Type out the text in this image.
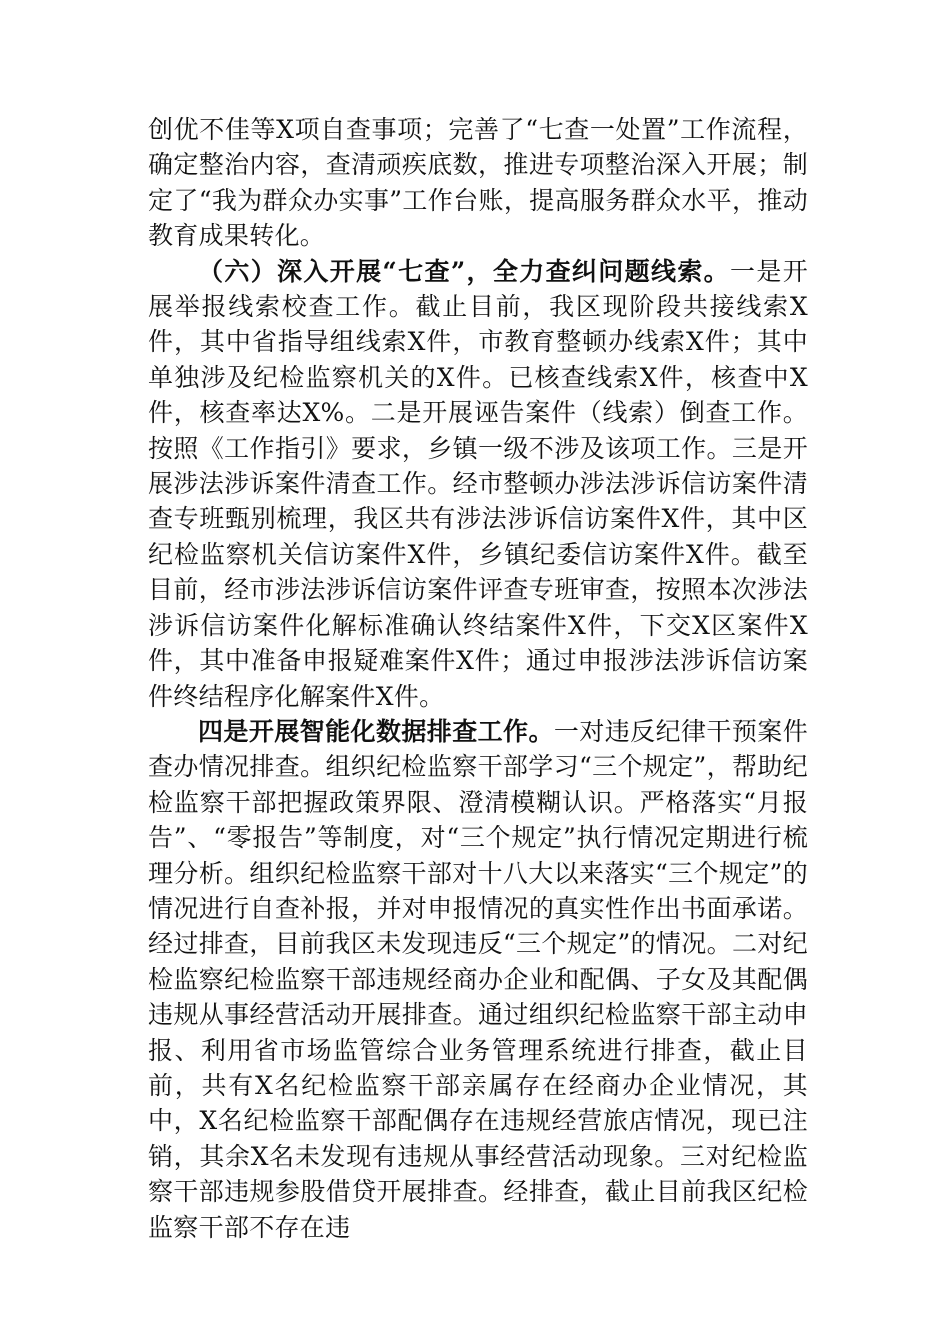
创优不佳等X项自查事项；完善了“七查一处置”工作流程，确定整治内容，查清顽疾底数，推进专项整治深入开展；制定了“我为群众办实事”工作台账，提高服务群众水平，推动教育成果转化。

（六）深入开展“七查”，全力查纠问题线索。一是开展举报线索校查工作。截止目前，我区现阶段共接线索X件，其中省指导组线索X件，市教育整顿办线索X件；其中单独涉及纪检监察机关的X件。已核查线索X件，核查中X件，核查率达X%。二是开展诬告案件（线索）倒查工作。按照《工作指引》要求，乡镇一级不涉及该项工作。三是开展涉法涉诉案件清查工作。经市整顿办涉法涉诉信访案件清查专班甄别梳理，我区共有涉法涉诉信访案件X件，其中区纪检监察机关信访案件X件，乡镇纪委信访案件X件。截至目前，经市涉法涉诉信访案件评查专班审查，按照本次涉法涉诉信访案件化解标准确认终结案件X件，下交X区案件X件，其中准备申报疑难案件X件；通过申报涉法涉诉信访案件终结程序化解案件X件。

四是开展智能化数据排查工作。一对违反纪律干预案件查办情况排查。组织纪检监察干部学习“三个规定”，帮助纪检监察干部把握政策界限、澄清模糊认识。严格落实“月报告”、“零报告”等制度，对“三个规定”执行情况定期进行梳理分析。组织纪检监察干部对十八大以来落实“三个规定”的情况进行自查补报，并对申报情况的真实性作出书面承诺。经过排查，目前我区未发现违反“三个规定”的情况。二对纪检监察纪检监察干部违规经商办企业和配偶、子女及其配偶违规从事经营活动开展排查。通过组织纪检监察干部主动申报、利用省市场监管综合业务管理系统进行排查，截止目前，共有X名纪检监察干部亲属存在经商办企业情况，其中，X名纪检监察干部配偶存在违规经营旅店情况，现已注销，其余X名未发现有违规从事经营活动现象。三对纪检监察干部违规参股借贷开展排查。经排查，截止目前我区纪检监察干部不存在违
